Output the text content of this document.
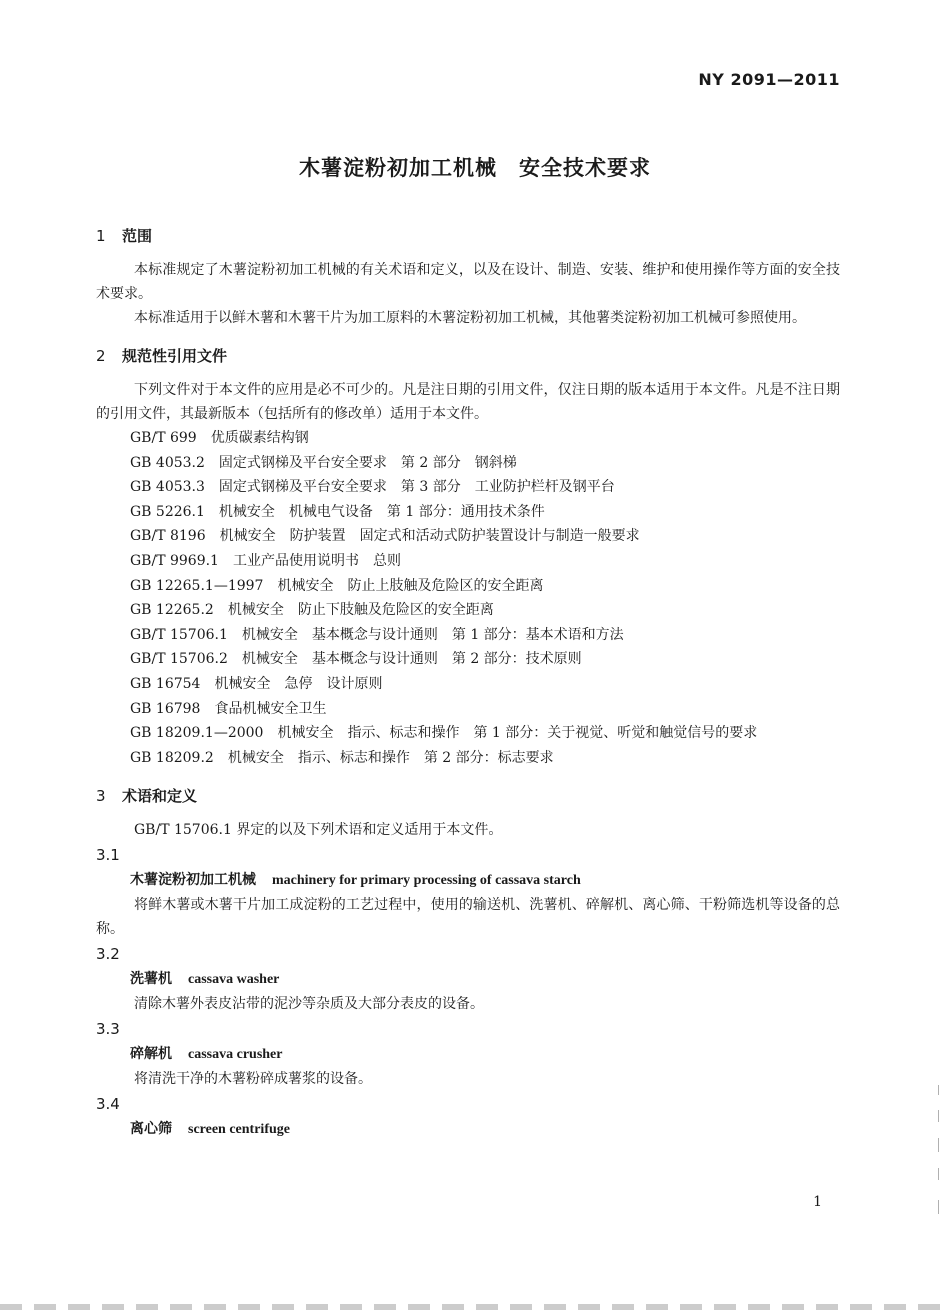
NY 2091—2011
木薯淀粉初加工机械　安全技术要求
1 范围

本标准规定了木薯淀粉初加工机械的有关术语和定义，以及在设计、制造、安装、维护和使用操作等方面的安全技术要求。

本标准适用于以鲜木薯和木薯干片为加工原料的木薯淀粉初加工机械，其他薯类淀粉初加工机械可参照使用。

2 规范性引用文件

下列文件对于本文件的应用是必不可少的。凡是注日期的引用文件，仅注日期的版本适用于本文件。凡是不注日期的引用文件，其最新版本（包括所有的修改单）适用于本文件。

GB/T 699　 优质碳素结构钢
GB 4053.2　 固定式钢梯及平台安全要求　第 2 部分　钢斜梯
GB 4053.3　 固定式钢梯及平台安全要求　第 3 部分　工业防护栏杆及钢平台
GB 5226.1　 机械安全　机械电气设备　第 1 部分：通用技术条件
GB/T 8196　 机械安全　防护装置　固定式和活动式防护装置设计与制造一般要求
GB/T 9969.1　 工业产品使用说明书　总则
GB 12265.1—1997　 机械安全　防止上肢触及危险区的安全距离
GB 12265.2　 机械安全　防止下肢触及危险区的安全距离
GB/T 15706.1　 机械安全　基本概念与设计通则　第 1 部分：基本术语和方法
GB/T 15706.2　 机械安全　基本概念与设计通则　第 2 部分：技术原则
GB 16754　 机械安全　急停　设计原则
GB 16798　 食品机械安全卫生
GB 18209.1—2000　 机械安全　指示、标志和操作　第 1 部分：关于视觉、听觉和触觉信号的要求
GB 18209.2　 机械安全　指示、标志和操作　第 2 部分：标志要求
3 术语和定义

GB/T 15706.1 界定的以及下列术语和定义适用于本文件。

3.1
木薯淀粉初加工机械 machinery for primary processing of cassava starch

将鲜木薯或木薯干片加工成淀粉的工艺过程中，使用的输送机、洗薯机、碎解机、离心筛、干粉筛选机等设备的总称。

3.2
洗薯机 cassava washer

清除木薯外表皮沾带的泥沙等杂质及大部分表皮的设备。

3.3
碎解机 cassava crusher

将清洗干净的木薯粉碎成薯浆的设备。

3.4
离心筛 screen centrifuge
1
